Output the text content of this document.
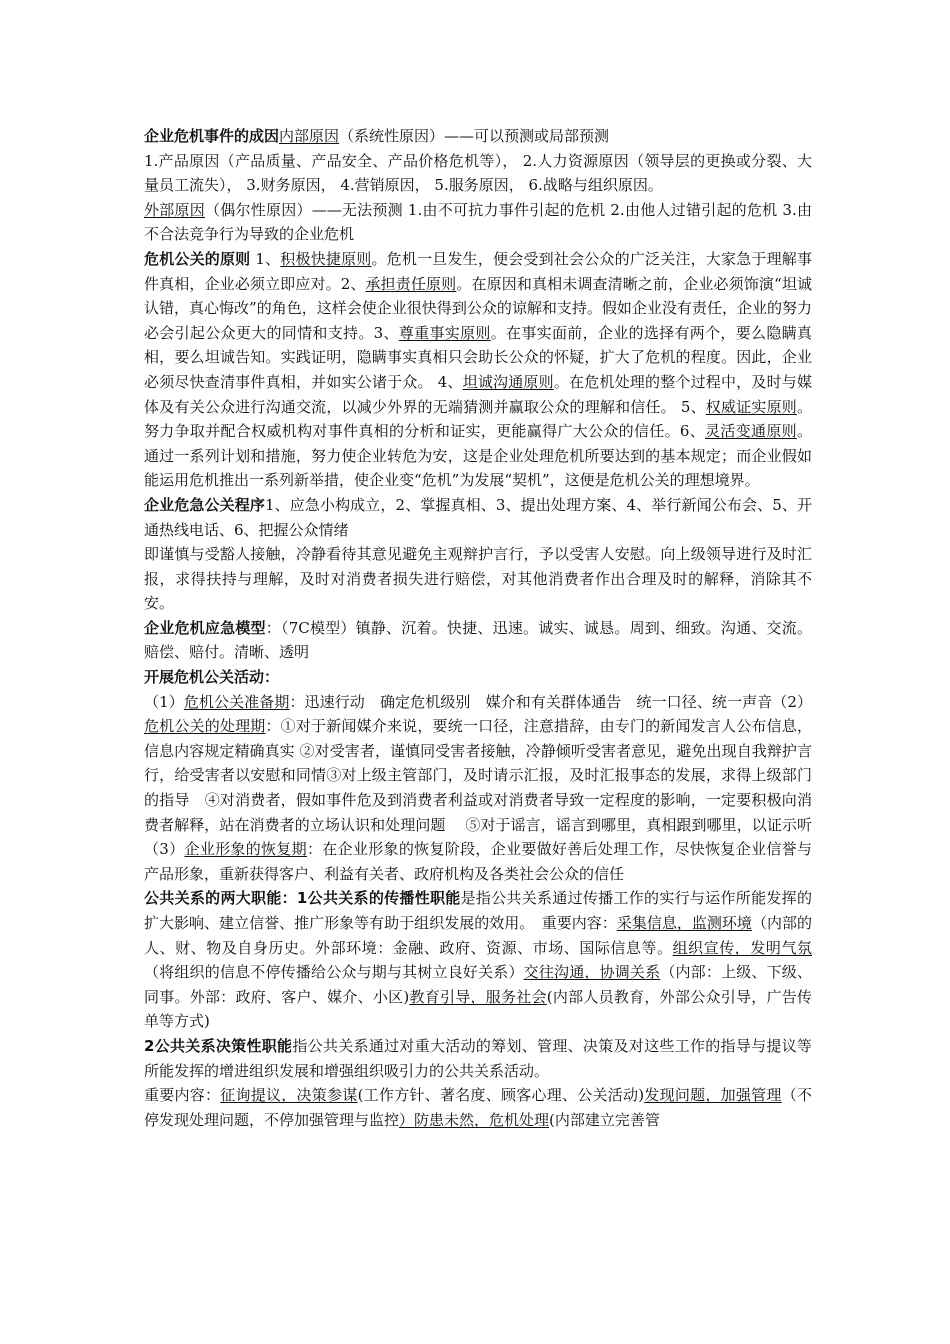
企业危机事件的成因内部原因（系统性原因）——可以预测或局部预测

1.产品原因（产品质量、产品安全、产品价格危机等）， 2.人力资源原因（领导层的更换或分裂、大量员工流失）， 3.财务原因， 4.营销原因， 5.服务原因， 6.战略与组织原因。

外部原因（偶尔性原因）——无法预测 1.由不可抗力事件引起的危机 2.由他人过错引起的危机 3.由不合法竞争行为导致的企业危机

危机公关的原则 1、积极快捷原则。危机一旦发生，便会受到社会公众的广泛关注，大家急于理解事件真相，企业必须立即应对。2、承担责任原则。在原因和真相未调查清晰之前，企业必须饰演“坦诚认错，真心悔改”的角色，这样会使企业很快得到公众的谅解和支持。假如企业没有责任，企业的努力必会引起公众更大的同情和支持。3、尊重事实原则。在事实面前，企业的选择有两个，要么隐瞒真相，要么坦诚告知。实践证明，隐瞒事实真相只会助长公众的怀疑，扩大了危机的程度。因此，企业必须尽快查清事件真相，并如实公诸于众。 4、坦诚沟通原则。在危机处理的整个过程中，及时与媒体及有关公众进行沟通交流，以减少外界的无端猜测并赢取公众的理解和信任。 5、权威证实原则。努力争取并配合权威机构对事件真相的分析和证实，更能赢得广大公众的信任。6、灵活变通原则。通过一系列计划和措施，努力使企业转危为安，这是企业处理危机所要达到的基本规定；而企业假如能运用危机推出一系列新举措，使企业变“危机”为发展“契机”，这便是危机公关的理想境界。

企业危急公关程序1、应急小构成立，2、掌握真相、3、提出处理方案、4、举行新闻公布会、5、开通热线电话、6、把握公众情绪

即谨慎与受豁人接触，冷静看待其意见避免主观辩护言行，予以受害人安慰。向上级领导进行及时汇报，求得扶持与理解，及时对消费者损失进行赔偿，对其他消费者作出合理及时的解释，消除其不安。

企业危机应急模型：（7C模型）镇静、沉着。快捷、迅速。诚实、诚恳。周到、细致。沟通、交流。赔偿、赔付。清晰、透明

开展危机公关活动：

（1）危机公关准备期：迅速行动　确定危机级别　媒介和有关群体通告　统一口径、统一声音（2）危机公关的处理期：①对于新闻媒介来说，要统一口径，注意措辞，由专门的新闻发言人公布信息，信息内容规定精确真实 ②对受害者，谨慎同受害者接触，冷静倾听受害者意见，避免出现自我辩护言行，给受害者以安慰和同情③对上级主管部门，及时请示汇报，及时汇报事态的发展，求得上级部门的指导　④对消费者，假如事件危及到消费者利益或对消费者导致一定程度的影响，一定要积极向消费者解释，站在消费者的立场认识和处理问题　 ⑤对于谣言，谣言到哪里，真相跟到哪里，以证示听（3）企业形象的恢复期：在企业形象的恢复阶段，企业要做好善后处理工作，尽快恢复企业信誉与产品形象，重新获得客户、利益有关者、政府机构及各类社会公众的信任

公共关系的两大职能：1公共关系的传播性职能是指公共关系通过传播工作的实行与运作所能发挥的扩大影响、建立信誉、推广形象等有助于组织发展的效用。　重要内容：采集信息，监测环境（内部的人、财、物及自身历史。外部环境：金融、政府、资源、市场、国际信息等。组织宣传，发明气氛 （将组织的信息不停传播给公众与期与其树立良好关系）交往沟通，协调关系（内部：上级、下级、同事。外部：政府、客户、媒介、小区)教育引导，服务社会(内部人员教育，外部公众引导，广告传单等方式)

2公共关系决策性职能指公共关系通过对重大活动的筹划、管理、决策及对这些工作的指导与提议等所能发挥的增进组织发展和增强组织吸引力的公共关系活动。

重要内容：征询提议，决策参谋(工作方针、著名度、顾客心理、公关活动)发现问题，加强管理（不停发现处理问题，不停加强管理与监控）防患未然，危机处理(内部建立完善管
